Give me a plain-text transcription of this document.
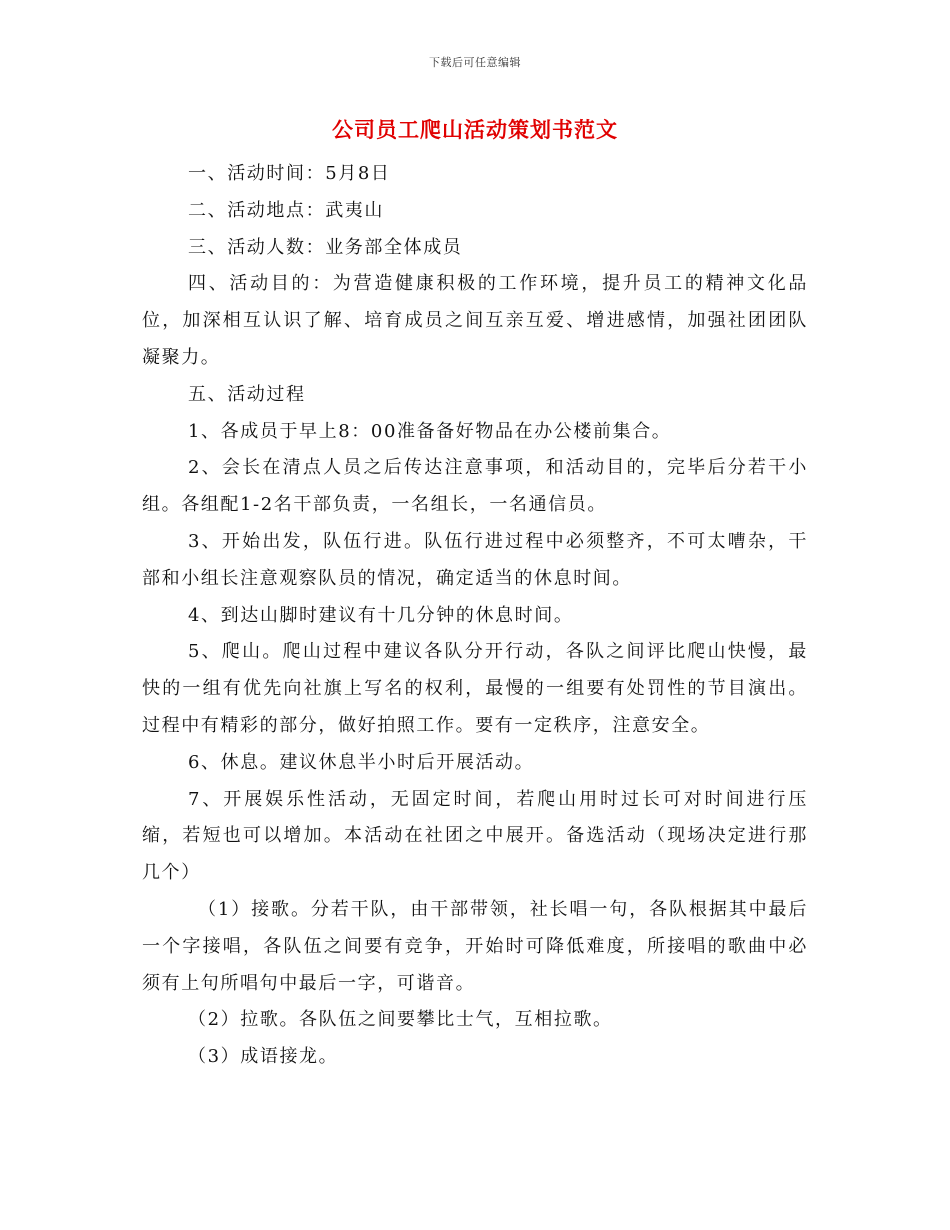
下载后可任意编辑
公司员工爬山活动策划书范文

一、活动时间：5月8日

二、活动地点：武夷山

三、活动人数：业务部全体成员

四、活动目的：为营造健康积极的工作环境，提升员工的精神文化品位，加深相互认识了解、培育成员之间互亲互爱、增进感情，加强社团团队凝聚力。

五、活动过程

1、各成员于早上8：00准备备好物品在办公楼前集合。

2、会长在清点人员之后传达注意事项，和活动目的，完毕后分若干小组。各组配1-2名干部负责，一名组长，一名通信员。

3、开始出发，队伍行进。队伍行进过程中必须整齐，不可太嘈杂，干部和小组长注意观察队员的情况，确定适当的休息时间。

4、到达山脚时建议有十几分钟的休息时间。

5、爬山。爬山过程中建议各队分开行动，各队之间评比爬山快慢，最快的一组有优先向社旗上写名的权利，最慢的一组要有处罚性的节目演出。过程中有精彩的部分，做好拍照工作。要有一定秩序，注意安全。

6、休息。建议休息半小时后开展活动。

7、开展娱乐性活动，无固定时间，若爬山用时过长可对时间进行压缩，若短也可以增加。本活动在社团之中展开。备选活动（现场决定进行那几个）

（1）接歌。分若干队，由干部带领，社长唱一句，各队根据其中最后一个字接唱，各队伍之间要有竞争，开始时可降低难度，所接唱的歌曲中必须有上句所唱句中最后一字，可谐音。

（2）拉歌。各队伍之间要攀比士气，互相拉歌。

（3）成语接龙。
